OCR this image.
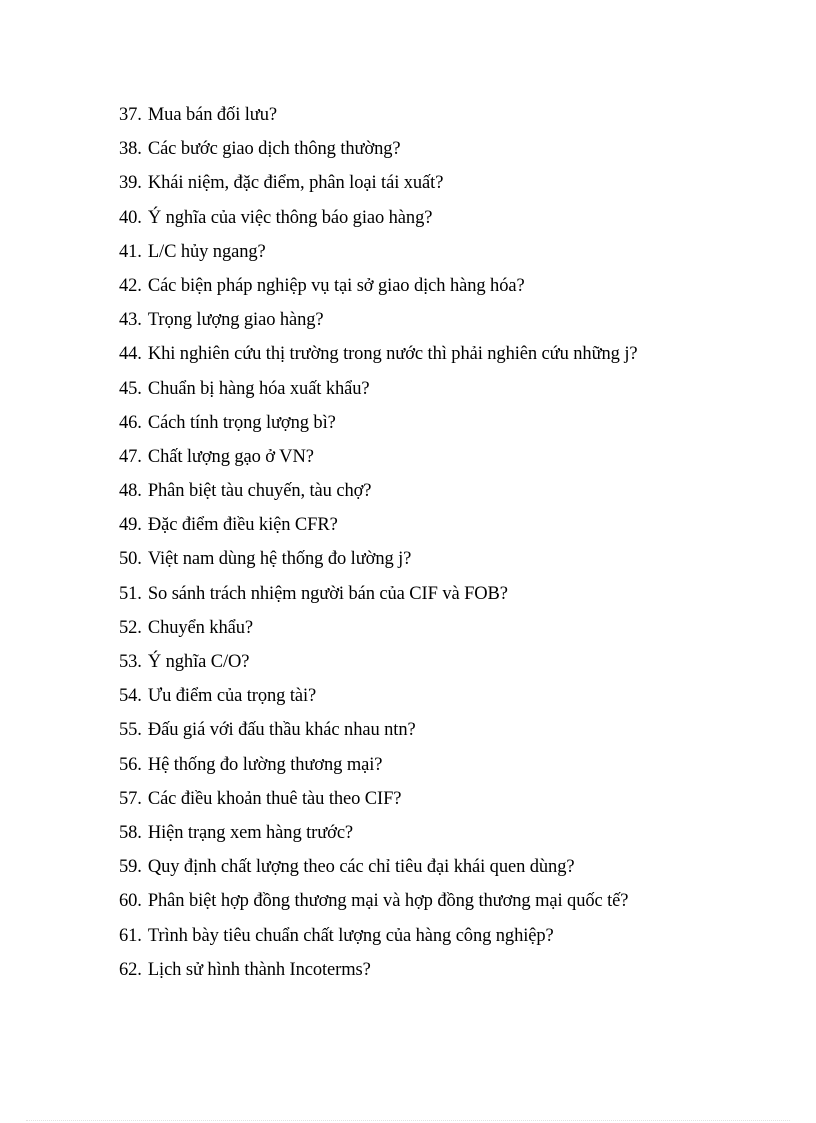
37. Mua bán đối lưu?
38. Các bước giao dịch thông thường?
39. Khái niệm, đặc điểm, phân loại tái xuất?
40. Ý nghĩa của việc thông báo giao hàng?
41. L/C hủy ngang?
42. Các biện pháp nghiệp vụ tại sở giao dịch hàng hóa?
43. Trọng lượng giao hàng?
44. Khi nghiên cứu thị trường trong nước thì phải nghiên cứu những j?
45. Chuẩn bị hàng hóa xuất khẩu?
46. Cách tính trọng lượng bì?
47. Chất lượng gạo ở VN?
48. Phân biệt tàu chuyến, tàu chợ?
49. Đặc điểm điều kiện CFR?
50. Việt nam dùng hệ thống đo lường j?
51. So sánh trách nhiệm người bán của CIF và FOB?
52. Chuyển khẩu?
53. Ý nghĩa C/O?
54. Ưu điểm của trọng tài?
55. Đấu giá với đấu thầu khác nhau ntn?
56. Hệ thống đo lường thương mại?
57. Các điều khoản thuê tàu theo CIF?
58. Hiện trạng xem hàng trước?
59. Quy định chất lượng theo các chỉ tiêu đại khái quen dùng?
60. Phân biệt hợp đồng thương mại và hợp đồng thương mại quốc tế?
61. Trình bày tiêu chuẩn chất lượng của hàng công nghiệp?
62. Lịch sử hình thành Incoterms?
